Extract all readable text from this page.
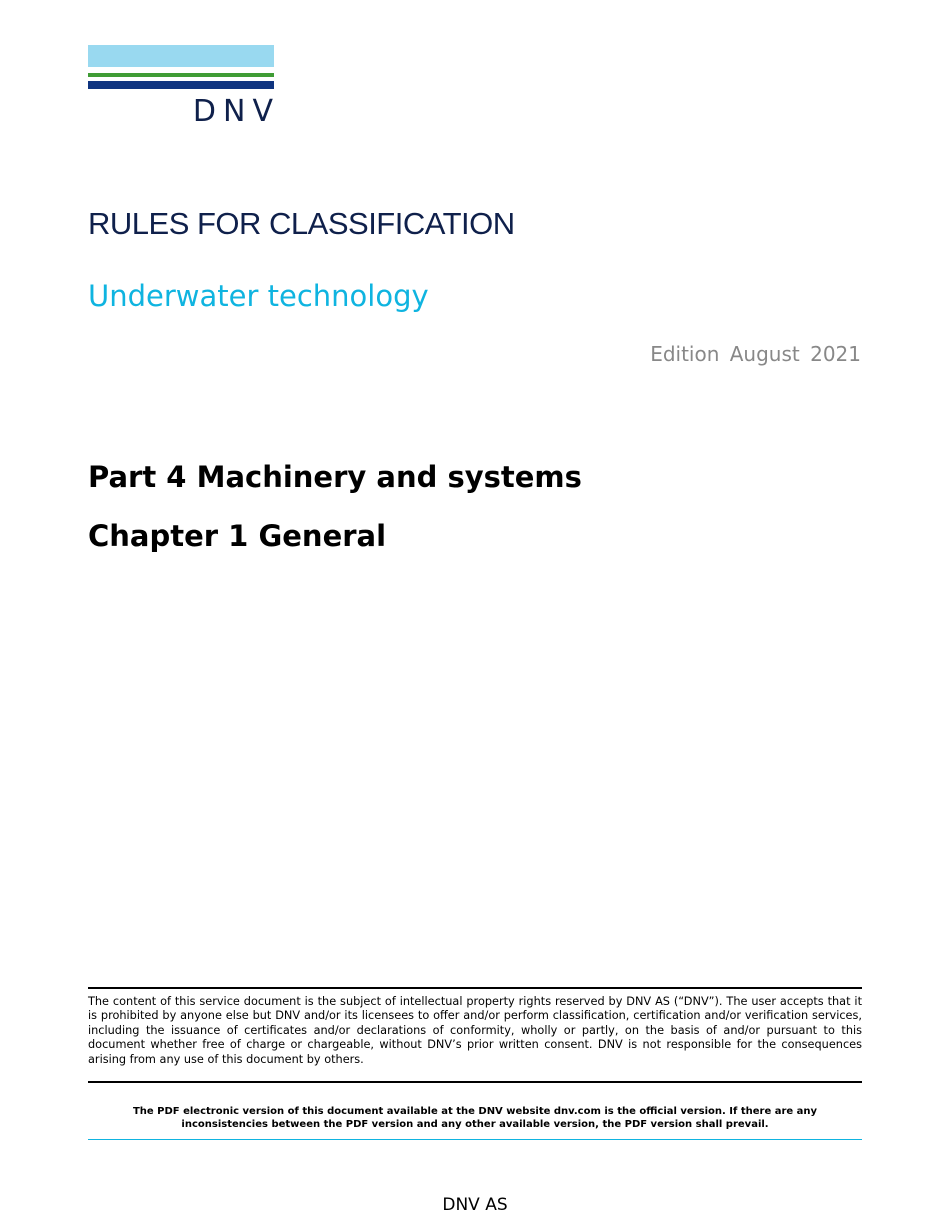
DNV
RULES FOR CLASSIFICATION
Underwater technology
Edition August 2021
Part 4 Machinery and systems
Chapter 1 General

The content of this service document is the subject of intellectual property rights reserved by DNV AS (“DNV”). The user accepts that it is prohibited by anyone else but DNV and/or its licensees to offer and/or perform classification, certification and/or verification services, including the issuance of certificates and/or declarations of conformity, wholly or partly, on the basis of and/or pursuant to this document whether free of charge or chargeable, without DNV’s prior written consent. DNV is not responsible for the consequences arising from any use of this document by others.

The PDF electronic version of this document available at the DNV website dnv.com is the official version. If there are any inconsistencies between the PDF version and any other available version, the PDF version shall prevail.

DNV AS
